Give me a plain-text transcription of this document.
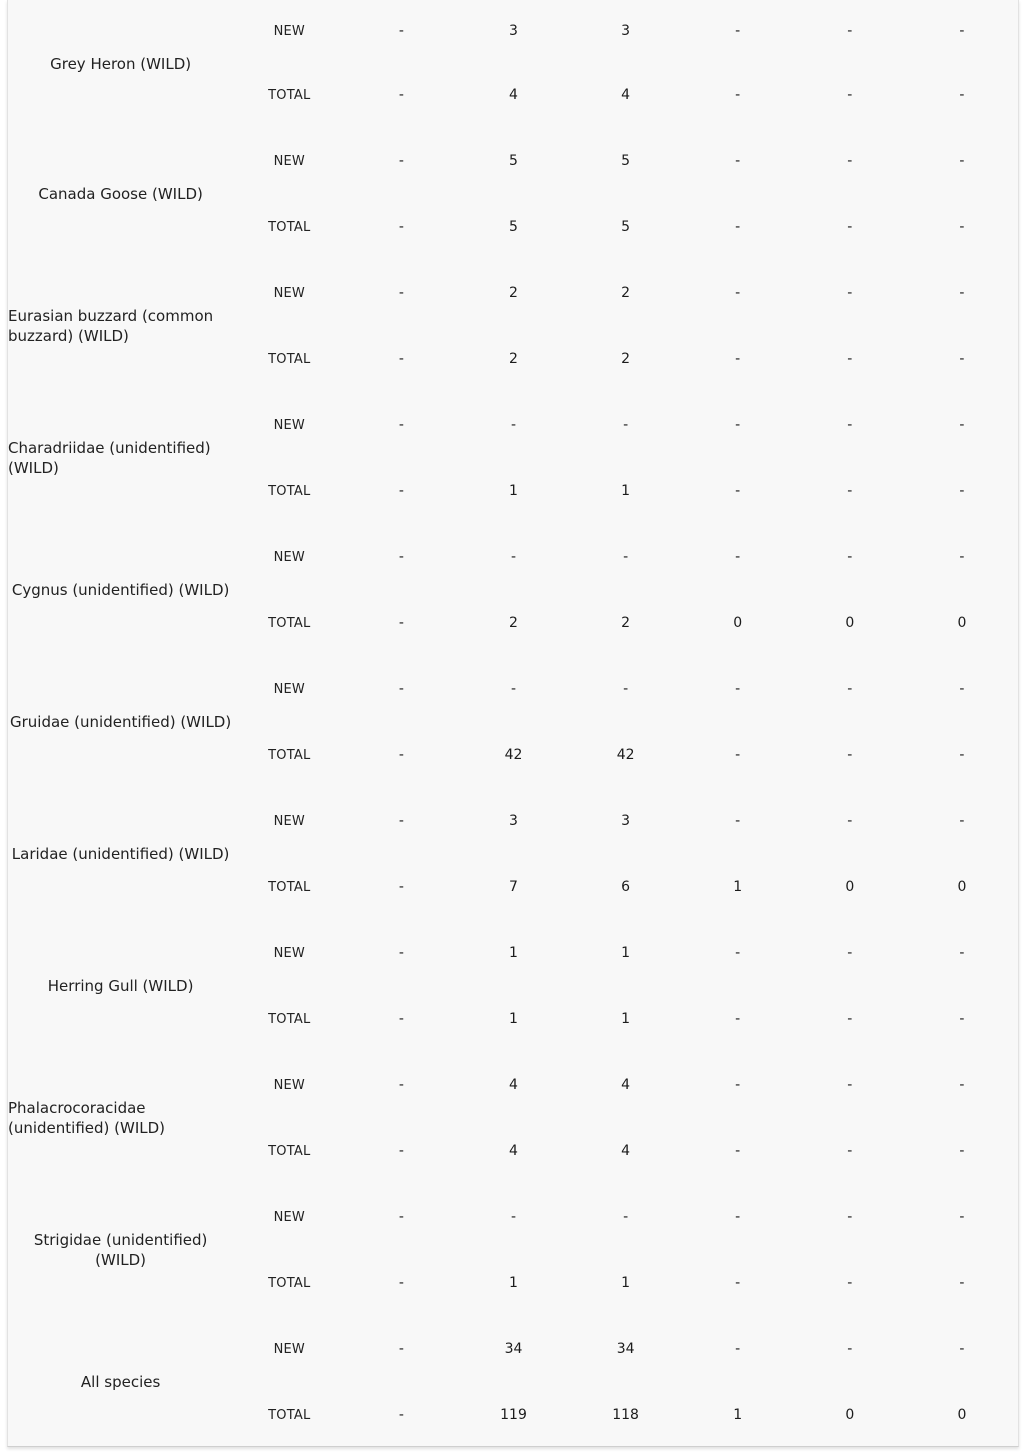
Grey Heron (WILD)	NEW	-	3	3	-	-	-
	TOTAL	-	4	4	-	-	-
Canada Goose (WILD)	NEW	-	5	5	-	-	-
	TOTAL	-	5	5	-	-	-
Eurasian buzzard (common buzzard) (WILD)	NEW	-	2	2	-	-	-
	TOTAL	-	2	2	-	-	-
Charadriidae (unidentified) (WILD)	NEW	-	-	-	-	-	-
	TOTAL	-	1	1	-	-	-
Cygnus (unidentified) (WILD)	NEW	-	-	-	-	-	-
	TOTAL	-	2	2	0	0	0
Gruidae (unidentified) (WILD)	NEW	-	-	-	-	-	-
	TOTAL	-	42	42	-	-	-
Laridae (unidentified) (WILD)	NEW	-	3	3	-	-	-
	TOTAL	-	7	6	1	0	0
Herring Gull (WILD)	NEW	-	1	1	-	-	-
	TOTAL	-	1	1	-	-	-
Phalacrocoracidae (unidentified) (WILD)	NEW	-	4	4	-	-	-
	TOTAL	-	4	4	-	-	-
Strigidae (unidentified) (WILD)	NEW	-	-	-	-	-	-
	TOTAL	-	1	1	-	-	-
All species	NEW	-	34	34	-	-	-
	TOTAL	-	119	118	1	0	0
